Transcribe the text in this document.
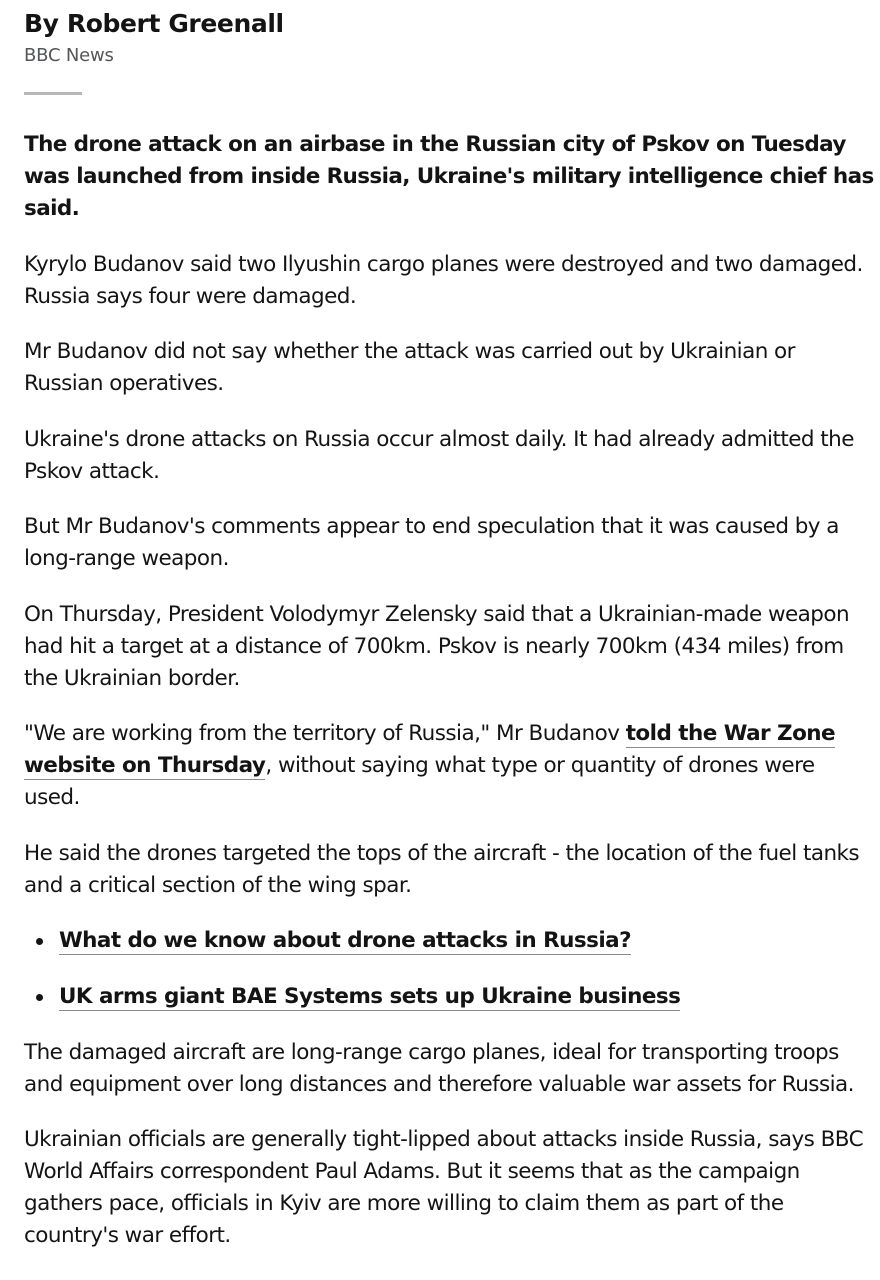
By Robert Greenall
BBC News

The drone attack on an airbase in the Russian city of Pskov on Tuesday was launched from inside Russia, Ukraine's military intelligence chief has said.

Kyrylo Budanov said two Ilyushin cargo planes were destroyed and two damaged. Russia says four were damaged.

Mr Budanov did not say whether the attack was carried out by Ukrainian or Russian operatives.

Ukraine's drone attacks on Russia occur almost daily. It had already admitted the Pskov attack.

But Mr Budanov's comments appear to end speculation that it was caused by a long-range weapon.

On Thursday, President Volodymyr Zelensky said that a Ukrainian-made weapon had hit a target at a distance of 700km. Pskov is nearly 700km (434 miles) from the Ukrainian border.

"We are working from the territory of Russia," Mr Budanov told the War Zone website on Thursday, without saying what type or quantity of drones were used.

He said the drones targeted the tops of the aircraft - the location of the fuel tanks and a critical section of the wing spar.

What do we know about drone attacks in Russia?
UK arms giant BAE Systems sets up Ukraine business

The damaged aircraft are long-range cargo planes, ideal for transporting troops and equipment over long distances and therefore valuable war assets for Russia.

Ukrainian officials are generally tight-lipped about attacks inside Russia, says BBC World Affairs correspondent Paul Adams. But it seems that as the campaign gathers pace, officials in Kyiv are more willing to claim them as part of the country's war effort.
